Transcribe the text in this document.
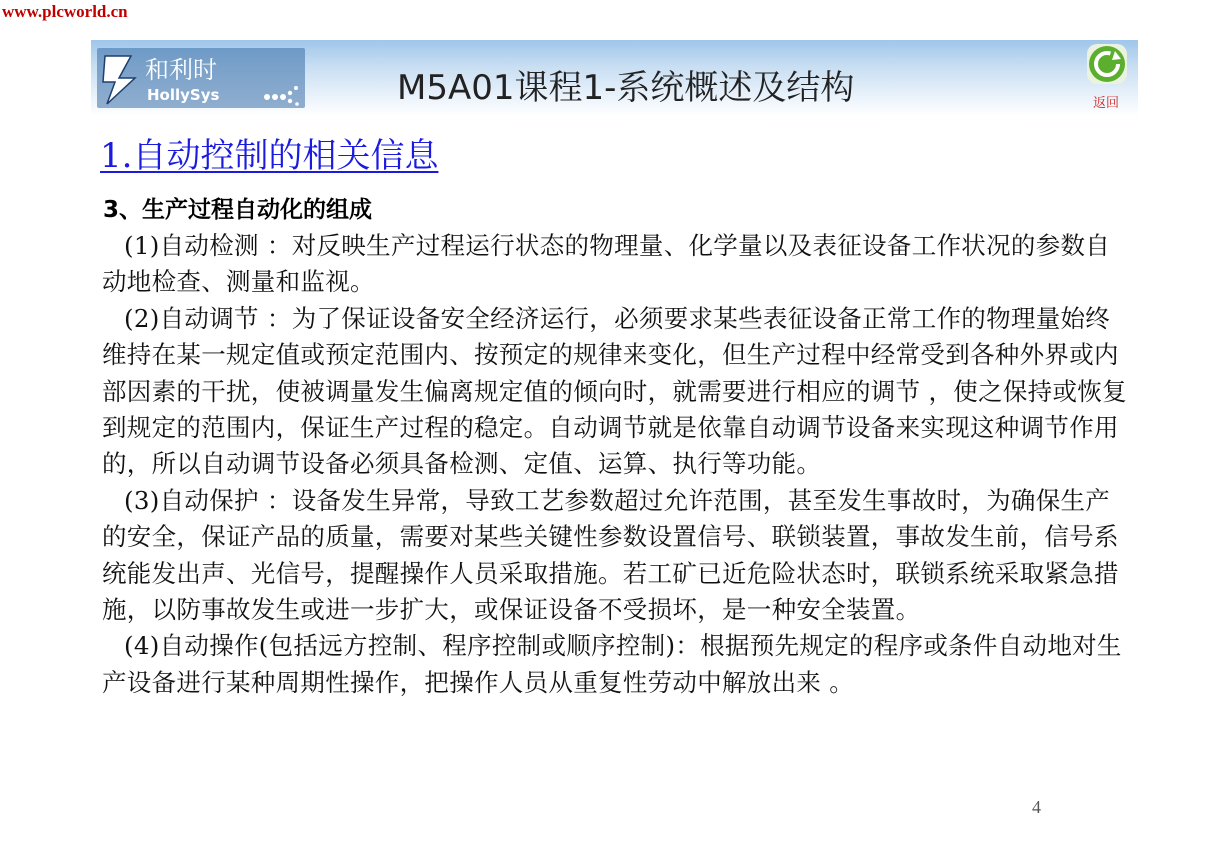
www.plcworld.cn
和利时
HollySys	M5A01课程1-系统概述及结构	返回
1.自动控制的相关信息
3、生产过程自动化的组成

(1)自动检测 ：对反映生产过程运行状态的物理量、化学量以及表征设备工作状况的参数自动地检查、测量和监视。

(2)自动调节 ：为了保证设备安全经济运行，必须要求某些表征设备正常工作的物理量始终维持在某一规定值或预定范围内、按预定的规律来变化，但生产过程中经常受到各种外界或内部因素的干扰，使被调量发生偏离规定值的倾向时，就需要进行相应的调节 ，使之保持或恢复到规定的范围内，保证生产过程的稳定。自动调节就是依靠自动调节设备来实现这种调节作用的，所以自动调节设备必须具备检测、定值、运算、执行等功能。

(3)自动保护 ：设备发生异常，导致工艺参数超过允许范围，甚至发生事故时，为确保生产的安全，保证产品的质量，需要对某些关键性参数设置信号、联锁装置，事故发生前，信号系统能发出声、光信号，提醒操作人员采取措施。若工矿已近危险状态时，联锁系统采取紧急措施，以防事故发生或进一步扩大，或保证设备不受损坏，是一种安全装置。

(4)自动操作(包括远方控制、程序控制或顺序控制)：根据预先规定的程序或条件自动地对生产设备进行某种周期性操作，把操作人员从重复性劳动中解放出来 。

4
